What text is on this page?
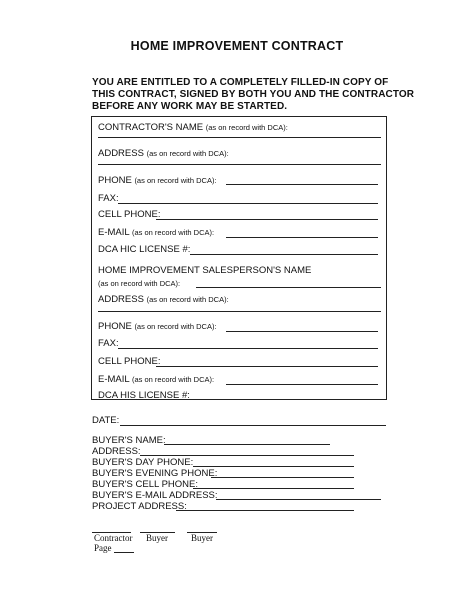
HOME IMPROVEMENT CONTRACT
YOU ARE ENTITLED TO A COMPLETELY FILLED-IN COPY OF
THIS CONTRACT, SIGNED BY BOTH YOU AND THE CONTRACTOR
BEFORE ANY WORK MAY BE STARTED.
CONTRACTOR'S NAME (as on record with DCA):
ADDRESS (as on record with DCA):
PHONE (as on record with DCA):
FAX:
CELL PHONE:
E-MAIL (as on record with DCA):
DCA HIC LICENSE #:
HOME IMPROVEMENT SALESPERSON'S NAME
(as on record with DCA):
ADDRESS (as on record with DCA):
PHONE (as on record with DCA):
FAX:
CELL PHONE:
E-MAIL (as on record with DCA):
DCA HIS LICENSE #:
DATE:
BUYER'S NAME:
ADDRESS:
BUYER'S DAY PHONE:
BUYER'S EVENING PHONE:
BUYER'S CELL PHONE:
BUYER'S E-MAIL ADDRESS:
PROJECT ADDRESS:
Contractor Buyer	Buyer
Page
